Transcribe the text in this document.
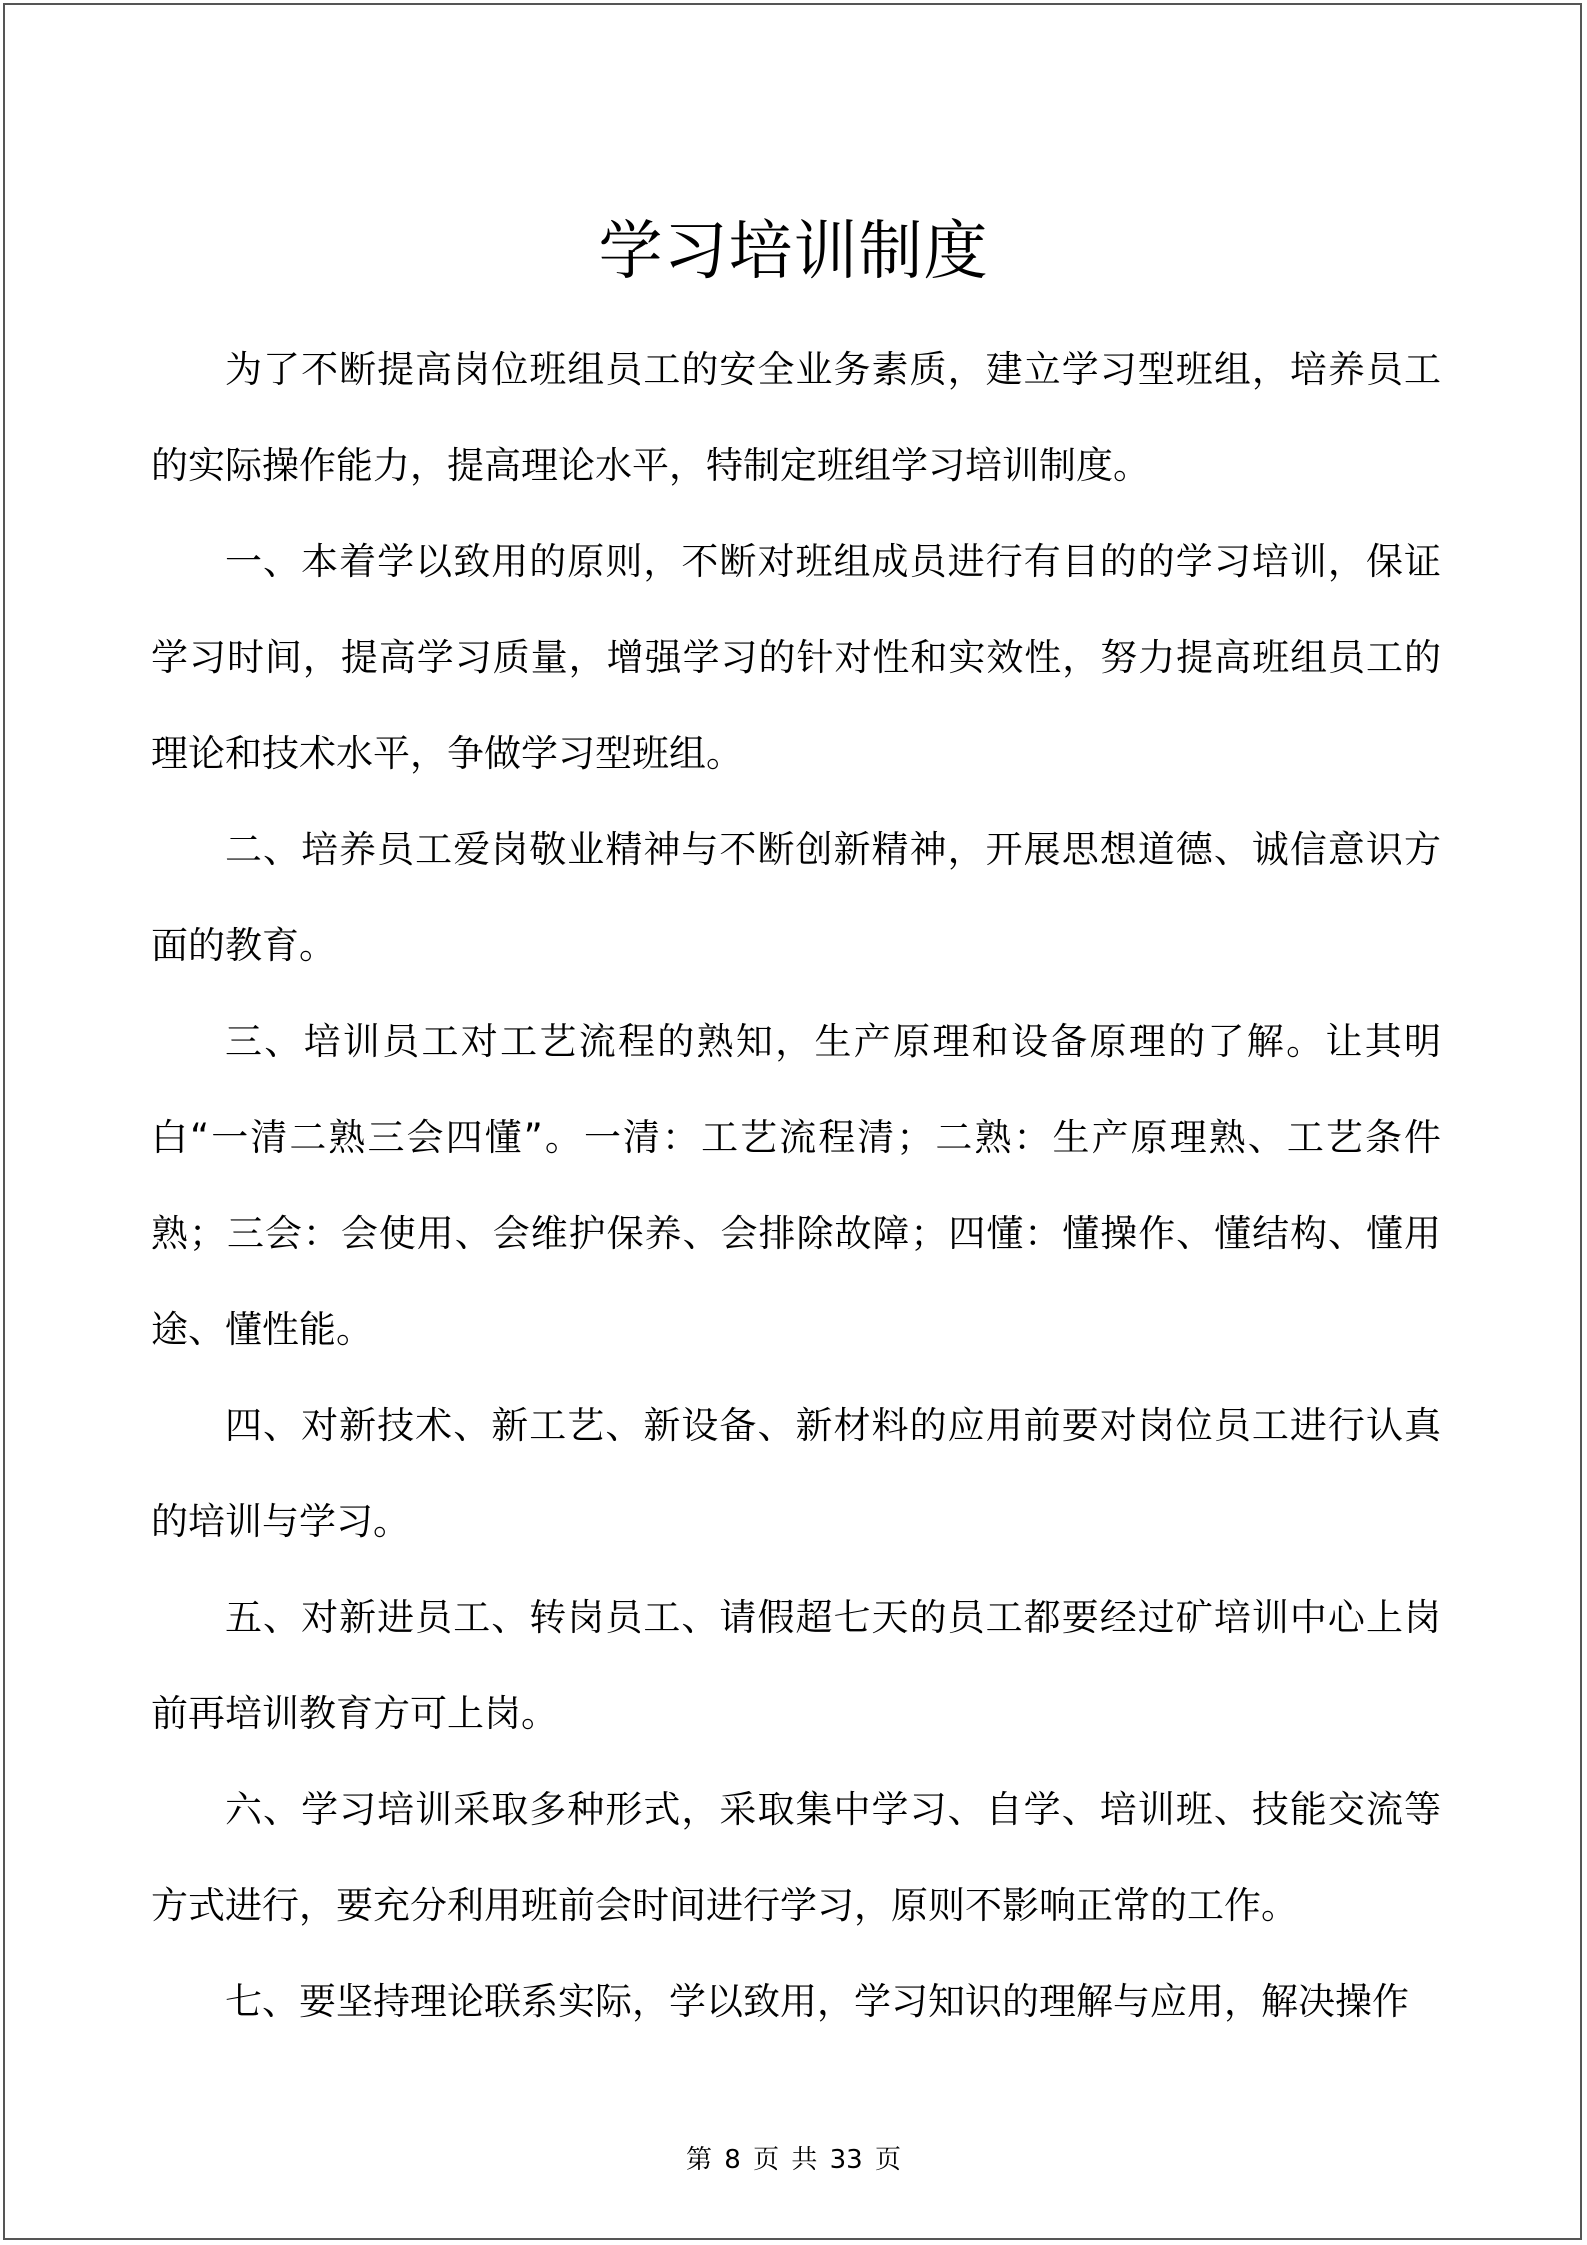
学习培训制度

为了不断提高岗位班组员工的安全业务素质，建立学习型班组，培养员工的实际操作能力，提高理论水平，特制定班组学习培训制度。

一、本着学以致用的原则，不断对班组成员进行有目的的学习培训，保证学习时间，提高学习质量，增强学习的针对性和实效性，努力提高班组员工的理论和技术水平，争做学习型班组。

二、培养员工爱岗敬业精神与不断创新精神，开展思想道德、诚信意识方面的教育。

三、培训员工对工艺流程的熟知，生产原理和设备原理的了解。让其明白“一清二熟三会四懂”。一清：工艺流程清；二熟：生产原理熟、工艺条件熟；三会：会使用、会维护保养、会排除故障；四懂：懂操作、懂结构、懂用途、懂性能。

四、对新技术、新工艺、新设备、新材料的应用前要对岗位员工进行认真的培训与学习。

五、对新进员工、转岗员工、请假超七天的员工都要经过矿培训中心上岗前再培训教育方可上岗。

六、学习培训采取多种形式，采取集中学习、自学、培训班、技能交流等方式进行，要充分利用班前会时间进行学习，原则不影响正常的工作。

七、要坚持理论联系实际，学以致用，学习知识的理解与应用，解决操作

第 8 页 共 33 页
